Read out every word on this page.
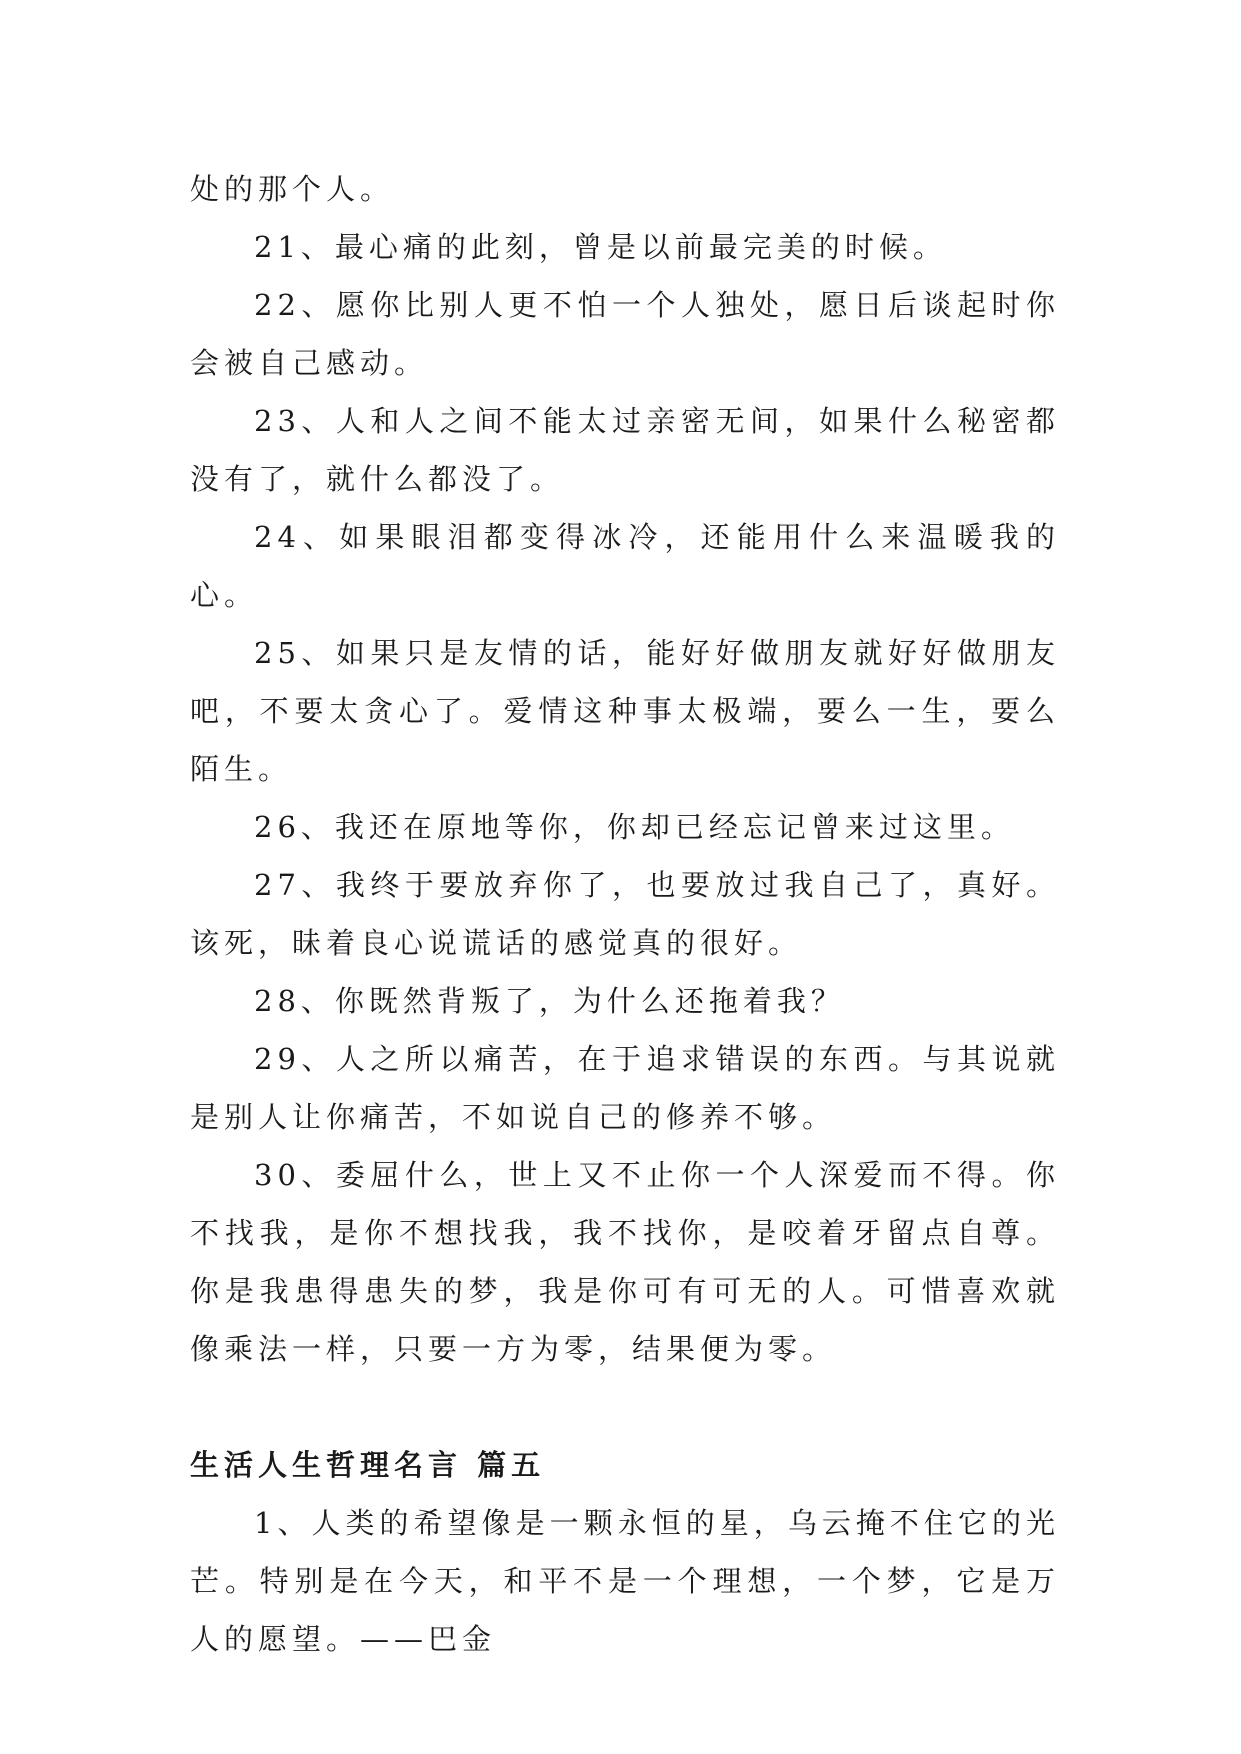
处的那个人。

21、最心痛的此刻，曾是以前最完美的时候。

22、愿你比别人更不怕一个人独处，愿日后谈起时你会被自己感动。

23、人和人之间不能太过亲密无间，如果什么秘密都没有了，就什么都没了。

24、如果眼泪都变得冰冷，还能用什么来温暖我的心。

25、如果只是友情的话，能好好做朋友就好好做朋友吧，不要太贪心了。爱情这种事太极端，要么一生，要么陌生。

26、我还在原地等你，你却已经忘记曾来过这里。

27、我终于要放弃你了，也要放过我自己了，真好。该死，昧着良心说谎话的感觉真的很好。

28、你既然背叛了，为什么还拖着我？

29、人之所以痛苦，在于追求错误的东西。与其说就是别人让你痛苦，不如说自己的修养不够。

30、委屈什么，世上又不止你一个人深爱而不得。你不找我，是你不想找我，我不找你，是咬着牙留点自尊。你是我患得患失的梦，我是你可有可无的人。可惜喜欢就像乘法一样，只要一方为零，结果便为零。

生活人生哲理名言 篇五

1、人类的希望像是一颗永恒的星，乌云掩不住它的光芒。特别是在今天，和平不是一个理想，一个梦，它是万人的愿望。——巴金
